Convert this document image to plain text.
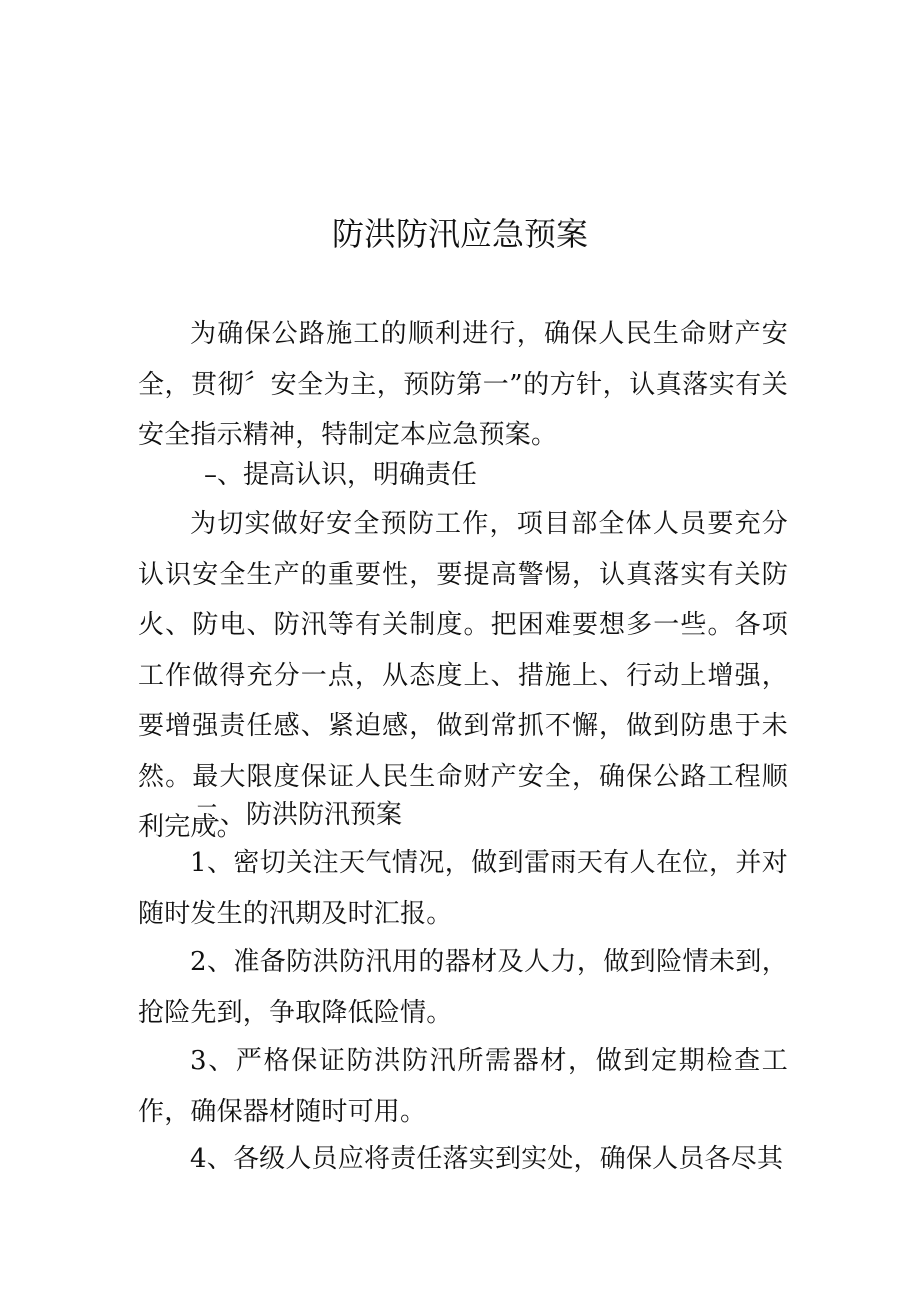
防洪防汛应急预案

为确保公路施工的顺利进行，确保人民生命财产安全，贯彻〞安全为主，预防第一”的方针，认真落实有关安全指示精神，特制定本应急预案。

–、提高认识，明确责任

为切实做好安全预防工作，项目部全体人员要充分认识安全生产的重要性，要提高警惕，认真落实有关防火、防电、防汛等有关制度。把困难要想多一些。各项工作做得充分一点，从态度上、措施上、行动上增强，要增强责任感、紧迫感，做到常抓不懈，做到防患于未然。最大限度保证人民生命财产安全，确保公路工程顺利完成。

二、防洪防汛预案

1、密切关注天气情况，做到雷雨天有人在位，并对随时发生的汛期及时汇报。

2、准备防洪防汛用的器材及人力，做到险情未到，抢险先到，争取降低险情。

3、严格保证防洪防汛所需器材，做到定期检查工作，确保器材随时可用。

4、各级人员应将责任落实到实处，确保人员各尽其
